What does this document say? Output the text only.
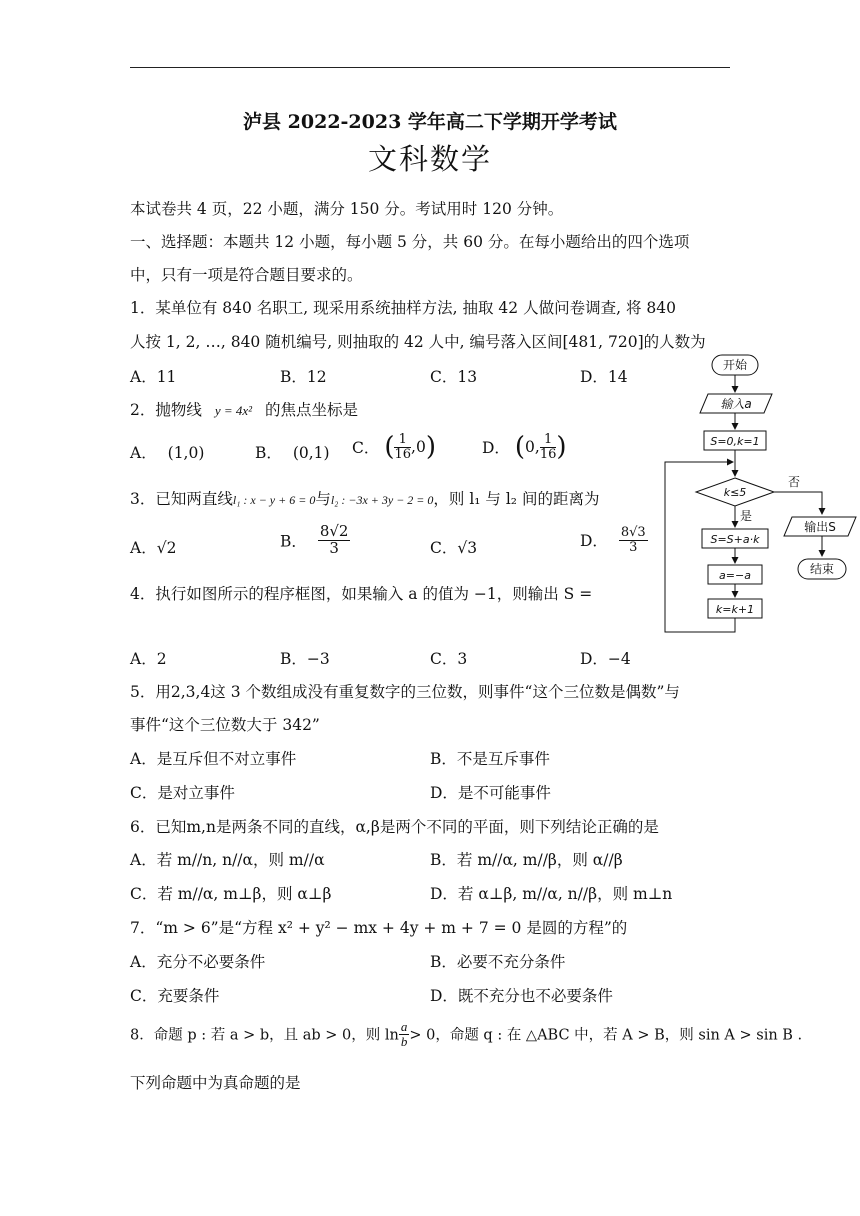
泸县 2022-2023 学年高二下学期开学考试
文科数学
本试卷共 4 页，22 小题，满分 150 分。考试用时 120 分钟。
一、选择题：本题共 12 小题，每小题 5 分，共 60 分。在每小题给出的四个选项
中，只有一项是符合题目要求的。
1．某单位有 840 名职工, 现采用系统抽样方法, 抽取 42 人做问卷调查, 将 840
人按 1, 2, …, 840 随机编号, 则抽取的 42 人中, 编号落入区间[481, 720]的人数为
A．11	B．12	C．13	D．14
2．抛物线 y = 4x² 的焦点坐标是
A． (1,0)	B． (0,1) C． ( $\frac{1}{16} ,0$)	D． (0, $\frac{1}{16}$ )
3．已知两直线l₁ : x − y + 6 = 0与l₂ : −3x + 3y − 2 = 0，则 l₁ 与 l₂ 间的距离为
A．√2	B． $\frac{8√2}{3}$	C．√3	D． $\frac{8√3}{3}$
4．执行如图所示的程序框图，如果输入 a 的值为 −1，则输出 S =
A．2	B．−3	C．3	D．−4
5．用2,3,4这 3 个数组成没有重复数字的三位数，则事件“这个三位数是偶数”与
事件“这个三位数大于 342”
A．是互斥但不对立事件	B．不是互斥事件
C．是对立事件	D．是不可能事件
6．已知m,n是两条不同的直线，α,β是两个不同的平面，则下列结论正确的是
A．若 m//n, n//α，则 m//α	B．若 m//α, m//β，则 α//β
C．若 m//α, m⊥β，则 α⊥β	D．若 α⊥β, m//α, n//β，则 m⊥n
7．“m > 6”是“方程 x² + y² − mx + 4y + m + 7 = 0 是圆的方程”的
A．充分不必要条件	B．必要不充分条件
C．充要条件	D．既不充分也不必要条件
8．命题 p : 若 a > b，且 ab > 0，则 $\ln \frac{a}{b} > 0$，命题 q : 在 △ABC 中，若 A > B，则 sin A > sin B .
下列命题中为真命题的是
开始
输入a
S=0,k=1
k≤5
否
是
S=S+a·k
a=−a
k=k+1
输出S
结束
